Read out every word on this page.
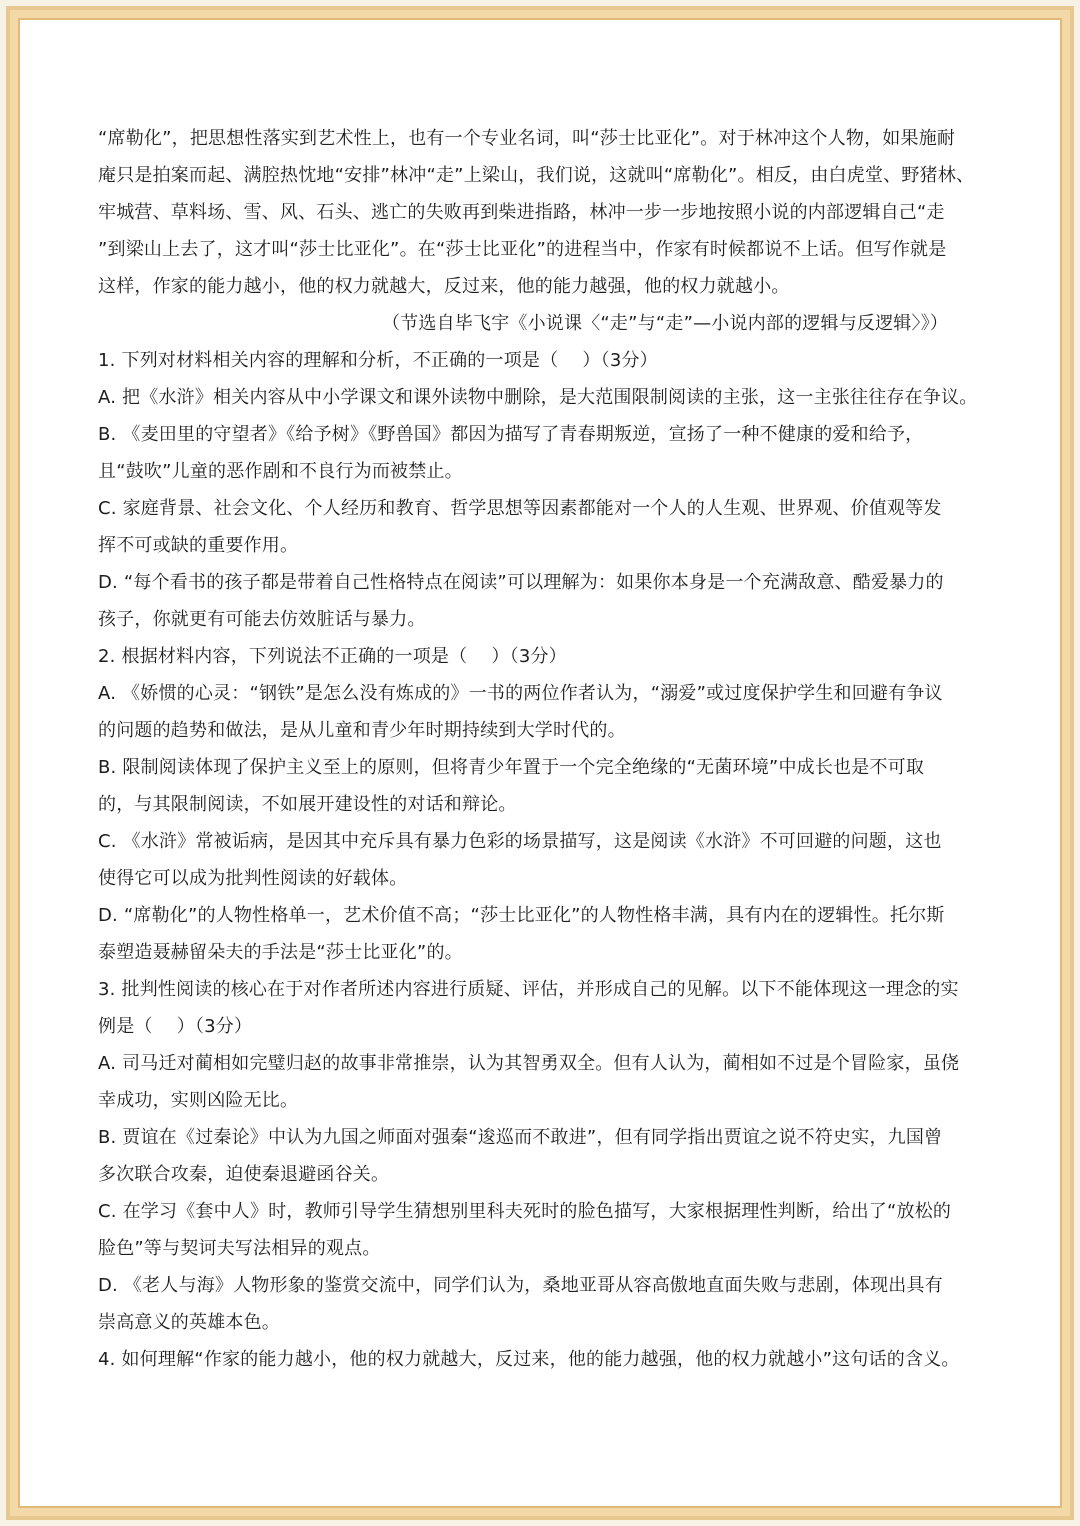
“席勒化”，把思想性落实到艺术性上，也有一个专业名词，叫“莎士比亚化”。对于林冲这个人物，如果施耐
庵只是拍案而起、满腔热忱地“安排”林冲“走”上梁山，我们说，这就叫“席勒化”。相反，由白虎堂、野猪林、
牢城营、草料场、雪、风、石头、逃亡的失败再到柴进指路，林冲一步一步地按照小说的内部逻辑自己“走
”到梁山上去了，这才叫“莎士比亚化”。在“莎士比亚化”的进程当中，作家有时候都说不上话。但写作就是
这样，作家的能力越小，他的权力就越大，反过来，他的能力越强，他的权力就越小。
（节选自毕飞宇《小说课〈“走”与“走”—小说内部的逻辑与反逻辑〉》）
1. 下列对材料相关内容的理解和分析，不正确的一项是（　 ）（3分）
A. 把《水浒》相关内容从中小学课文和课外读物中删除，是大范围限制阅读的主张，这一主张往往存在争议。
B. 《麦田里的守望者》《给予树》《野兽国》都因为描写了青春期叛逆，宣扬了一种不健康的爱和给予，
且“鼓吹”儿童的恶作剧和不良行为而被禁止。
C. 家庭背景、社会文化、个人经历和教育、哲学思想等因素都能对一个人的人生观、世界观、价值观等发
挥不可或缺的重要作用。
D. “每个看书的孩子都是带着自己性格特点在阅读”可以理解为：如果你本身是一个充满敌意、酷爱暴力的
孩子，你就更有可能去仿效脏话与暴力。
2. 根据材料内容，下列说法不正确的一项是（　 ）（3分）
A. 《娇惯的心灵：“钢铁”是怎么没有炼成的》一书的两位作者认为，“溺爱”或过度保护学生和回避有争议
的问题的趋势和做法，是从儿童和青少年时期持续到大学时代的。
B. 限制阅读体现了保护主义至上的原则，但将青少年置于一个完全绝缘的“无菌环境”中成长也是不可取
的，与其限制阅读，不如展开建设性的对话和辩论。
C. 《水浒》常被诟病，是因其中充斥具有暴力色彩的场景描写，这是阅读《水浒》不可回避的问题，这也
使得它可以成为批判性阅读的好载体。
D. “席勒化”的人物性格单一，艺术价值不高；“莎士比亚化”的人物性格丰满，具有内在的逻辑性。托尔斯
泰塑造聂赫留朵夫的手法是“莎士比亚化”的。
3. 批判性阅读的核心在于对作者所述内容进行质疑、评估，并形成自己的见解。以下不能体现这一理念的实
例是（　 ）（3分）
A. 司马迁对蔺相如完璧归赵的故事非常推崇，认为其智勇双全。但有人认为，蔺相如不过是个冒险家，虽侥
幸成功，实则凶险无比。
B. 贾谊在《过秦论》中认为九国之师面对强秦“逡巡而不敢进”，但有同学指出贾谊之说不符史实，九国曾
多次联合攻秦，迫使秦退避函谷关。
C. 在学习《套中人》时，教师引导学生猜想别里科夫死时的脸色描写，大家根据理性判断，给出了“放松的
脸色”等与契诃夫写法相异的观点。
D. 《老人与海》人物形象的鉴赏交流中，同学们认为，桑地亚哥从容高傲地直面失败与悲剧，体现出具有
崇高意义的英雄本色。
4. 如何理解“作家的能力越小，他的权力就越大，反过来，他的能力越强，他的权力就越小”这句话的含义。
